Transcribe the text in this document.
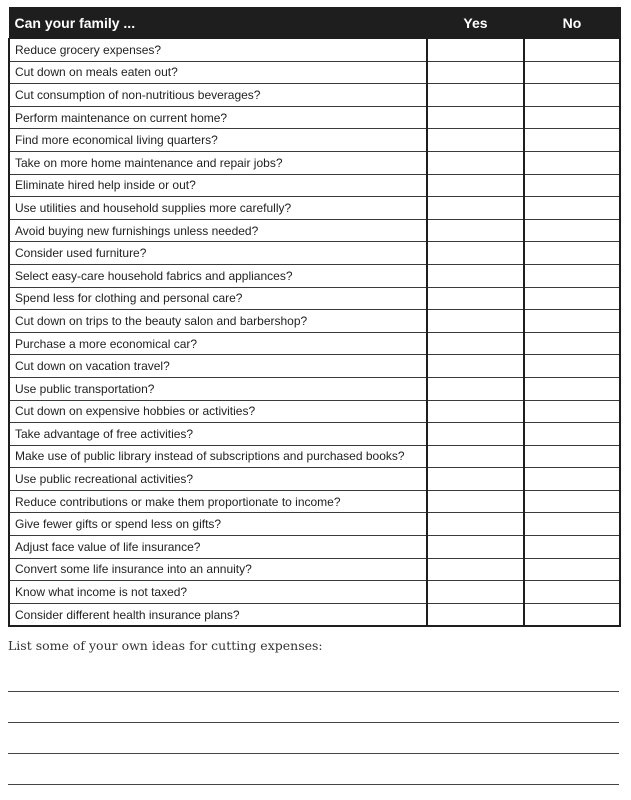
Can your family ...	Yes	No
Reduce grocery expenses?		
Cut down on meals eaten out?		
Cut consumption of non-nutritious beverages?		
Perform maintenance on current home?		
Find more economical living quarters?		
Take on more home maintenance and repair jobs?		
Eliminate hired help inside or out?		
Use utilities and household supplies more carefully?		
Avoid buying new furnishings unless needed?		
Consider used furniture?		
Select easy-care household fabrics and appliances?		
Spend less for clothing and personal care?		
Cut down on trips to the beauty salon and barbershop?		
Purchase a more economical car?		
Cut down on vacation travel?		
Use public transportation?		
Cut down on expensive hobbies or activities?		
Take advantage of free activities?		
Make use of public library instead of subscriptions and purchased books?		
Use public recreational activities?		
Reduce contributions or make them proportionate to income?		
Give fewer gifts or spend less on gifts?		
Adjust face value of life insurance?		
Convert some life insurance into an annuity?		
Know what income is not taxed?		
Consider different health insurance plans?		
List some of your own ideas for cutting expenses:
